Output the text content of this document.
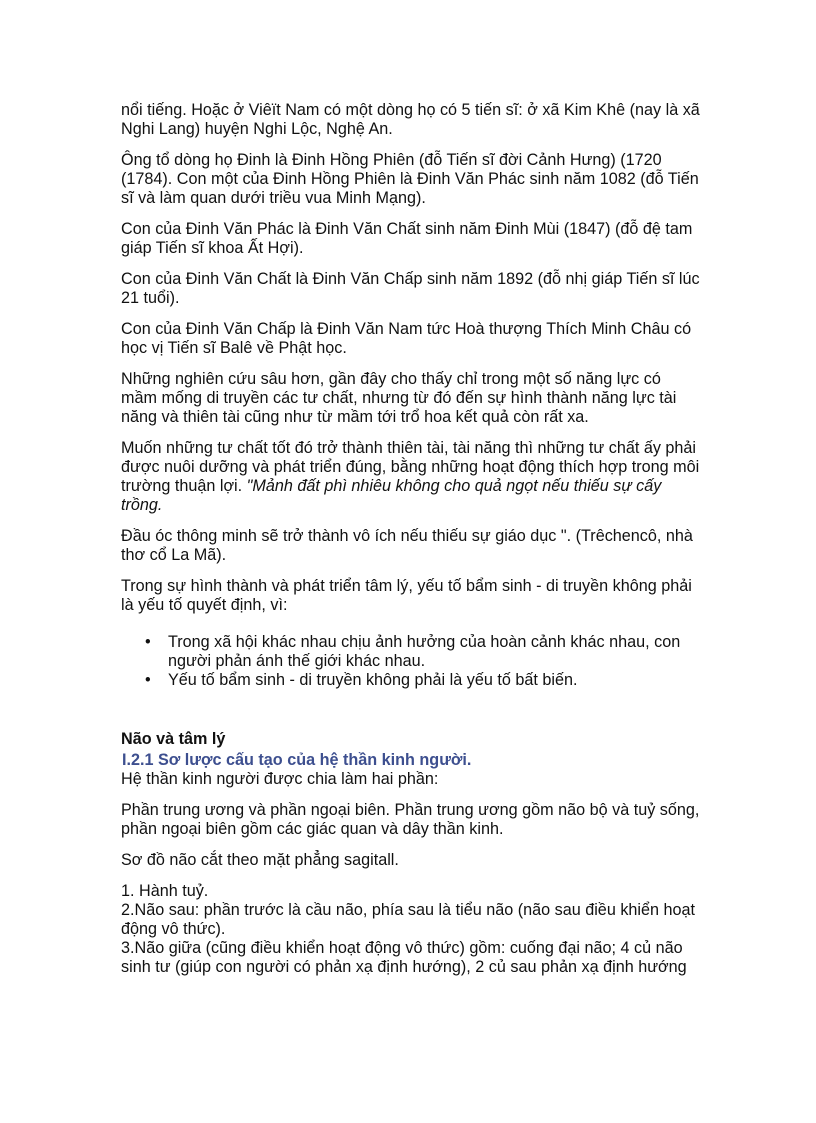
nổi tiếng. Hoặc ở Viêït Nam có một dòng họ có 5 tiến sĩ: ở xã Kim Khê (nay là xã Nghi Lang) huyện Nghi Lộc, Nghệ An.

Ông tổ dòng họ Đinh là Đinh Hồng Phiên (đỗ Tiến sĩ đời Cảnh Hưng) (1720 (1784). Con một của Đinh Hồng Phiên là Đinh Văn Phác sinh năm 1082 (đỗ Tiến sĩ và làm quan dưới triều vua Minh Mạng).

Con của Đinh Văn Phác là Đinh Văn Chất sinh năm Đinh Mùi (1847) (đỗ đệ tam giáp Tiến sĩ khoa Ất Hợi).

Con của Đinh Văn Chất là Đinh Văn Chấp sinh năm 1892 (đỗ nhị giáp Tiến sĩ lúc 21 tuổi).

Con của Đinh Văn Chấp là Đinh Văn Nam tức Hoà thượng Thích Minh Châu có học vị Tiến sĩ Balê về Phật học.

Những nghiên cứu sâu hơn, gần đây cho thấy chỉ trong một số năng lực có mầm mống di truyền các tư chất, nhưng từ đó đến sự hình thành năng lực tài năng và thiên tài cũng như từ mầm tới trổ hoa kết quả còn rất xa.

Muốn những tư chất tốt đó trở thành thiên tài, tài năng thì những tư chất ấy phải được nuôi dưỡng và phát triển đúng, bằng những hoạt động thích hợp trong môi trường thuận lợi. "Mảnh đất phì nhiêu không cho quả ngọt nếu thiếu sự cấy trồng.

Đầu óc thông minh sẽ trở thành vô ích nếu thiếu sự giáo dục ". (Trêchencô, nhà thơ cổ La Mã).

Trong sự hình thành và phát triển tâm lý, yếu tố bẩm sinh - di truyền không phải là yếu tố quyết định, vì:

• Trong xã hội khác nhau chịu ảnh hưởng của hoàn cảnh khác nhau, con người phản ánh thế giới khác nhau.
• Yếu tố bẩm sinh - di truyền không phải là yếu tố bất biến.

Não và tâm lý

I.2.1 Sơ lược cấu tạo của hệ thần kinh người.

Hệ thần kinh người được chia làm hai phần:

Phần trung ương và phần ngoại biên. Phần trung ương gồm não bộ và tuỷ sống, phần ngoại biên gồm các giác quan và dây thần kinh.

Sơ đồ não cắt theo mặt phẳng sagitall.

1. Hành tuỷ.

2.Não sau: phần trước là cầu não, phía sau là tiểu não (não sau điều khiển hoạt động vô thức).

3.Não giữa (cũng điều khiển hoạt động vô thức) gồm: cuống đại não; 4 củ não sinh tư (giúp con người có phản xạ định hướng), 2 củ sau phản xạ định hướng
